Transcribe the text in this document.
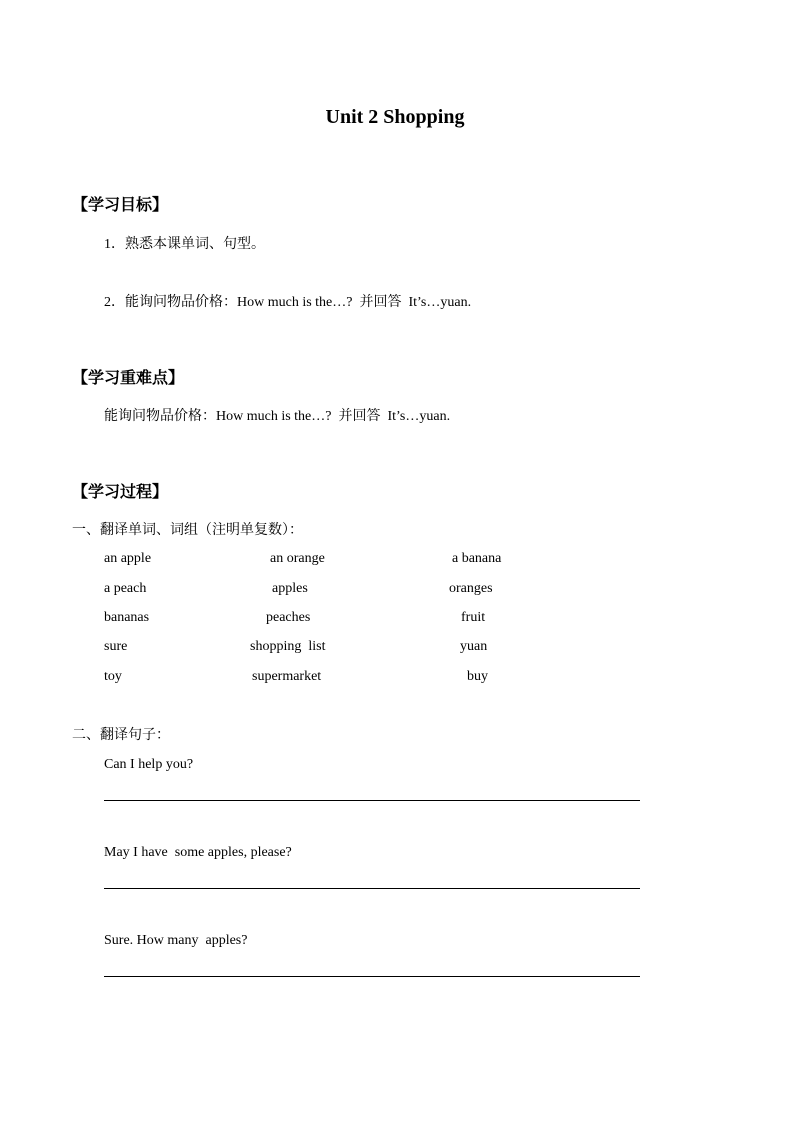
Unit 2 Shopping
【学习目标】
1．熟悉本课单词、句型。
2．能询问物品价格：How much is the…? 并回答 It’s…yuan.
【学习重难点】
能询问物品价格：How much is the…? 并回答 It’s…yuan.
【学习过程】
一、翻译单词、词组（注明单复数）：
an apple	an orange	a banana
a peach	apples	oranges
bananas	peaches	fruit
sure	shopping  list	yuan
toy	supermarket	buy
二、翻译句子：
Can I help you?
May I have  some apples, please?
Sure. How many  apples?
